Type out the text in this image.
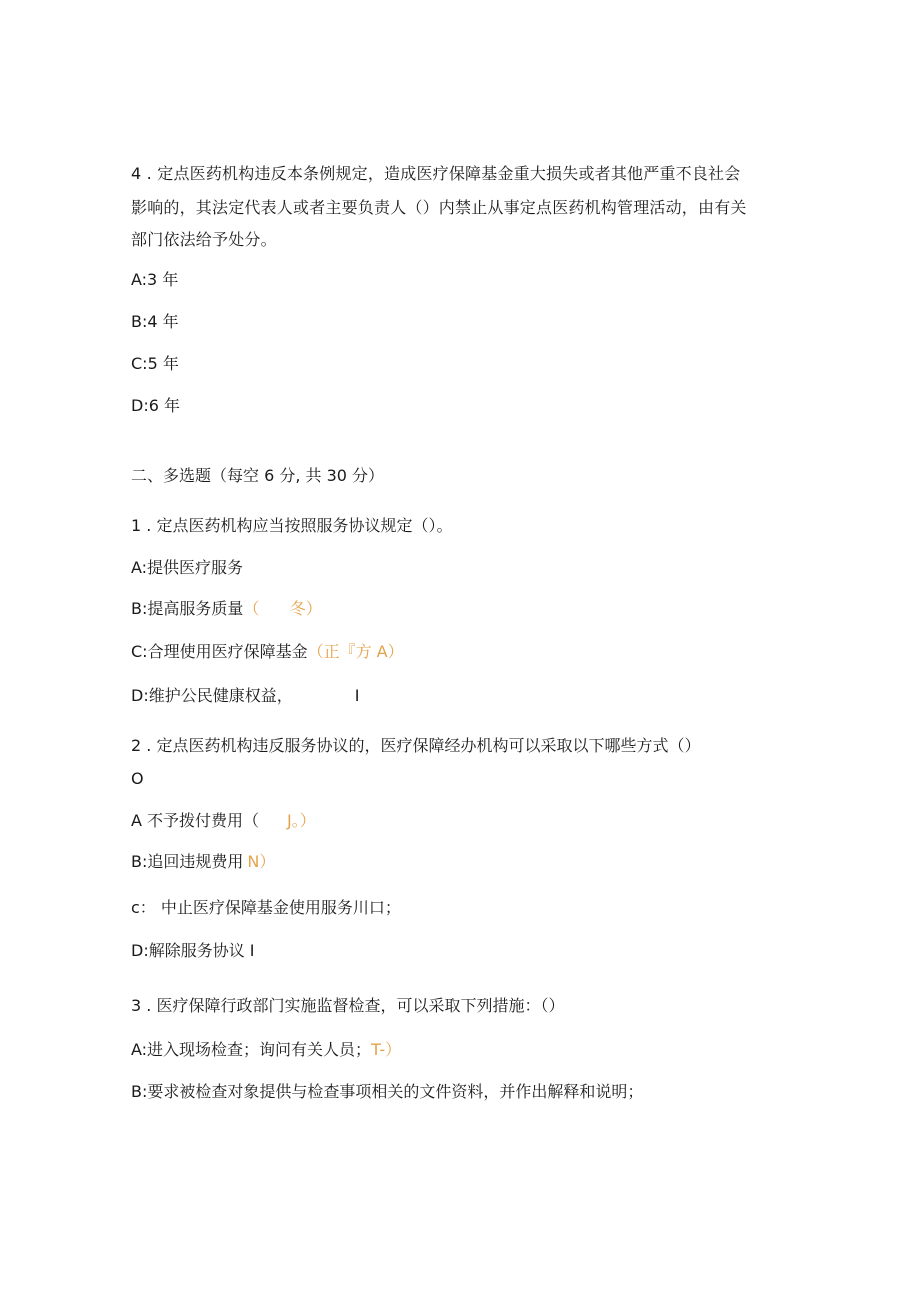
4 . 定点医药机构违反本条例规定，造成医疗保障基金重大损失或者其他严重不良社会
影响的，其法定代表人或者主要负责人（）内禁止从事定点医药机构管理活动，由有关
部门依法给予处分。
A:3 年
B:4 年
C:5 年
D:6 年
二、多选题（每空 6 分, 共 30 分）
1 . 定点医药机构应当按照服务协议规定（）。
A:提供医疗服务
B:提高服务质量（      冬）
C:合理使用医疗保障基金（正『方 A）
D:维护公民健康权益，	I
2 . 定点医药机构违反服务协议的，医疗保障经办机构可以采取以下哪些方式（）
O
A 不予拨付费用（ J。）
B:追回违规费用 N）
c： 中止医疗保障基金使用服务川口；
D:解除服务协议 I
3 . 医疗保障行政部门实施监督检查，可以采取下列措施：（）
A:进入现场检查；询问有关人员；T-）
B:要求被检查对象提供与检查事项相关的文件资料，并作出解释和说明；
